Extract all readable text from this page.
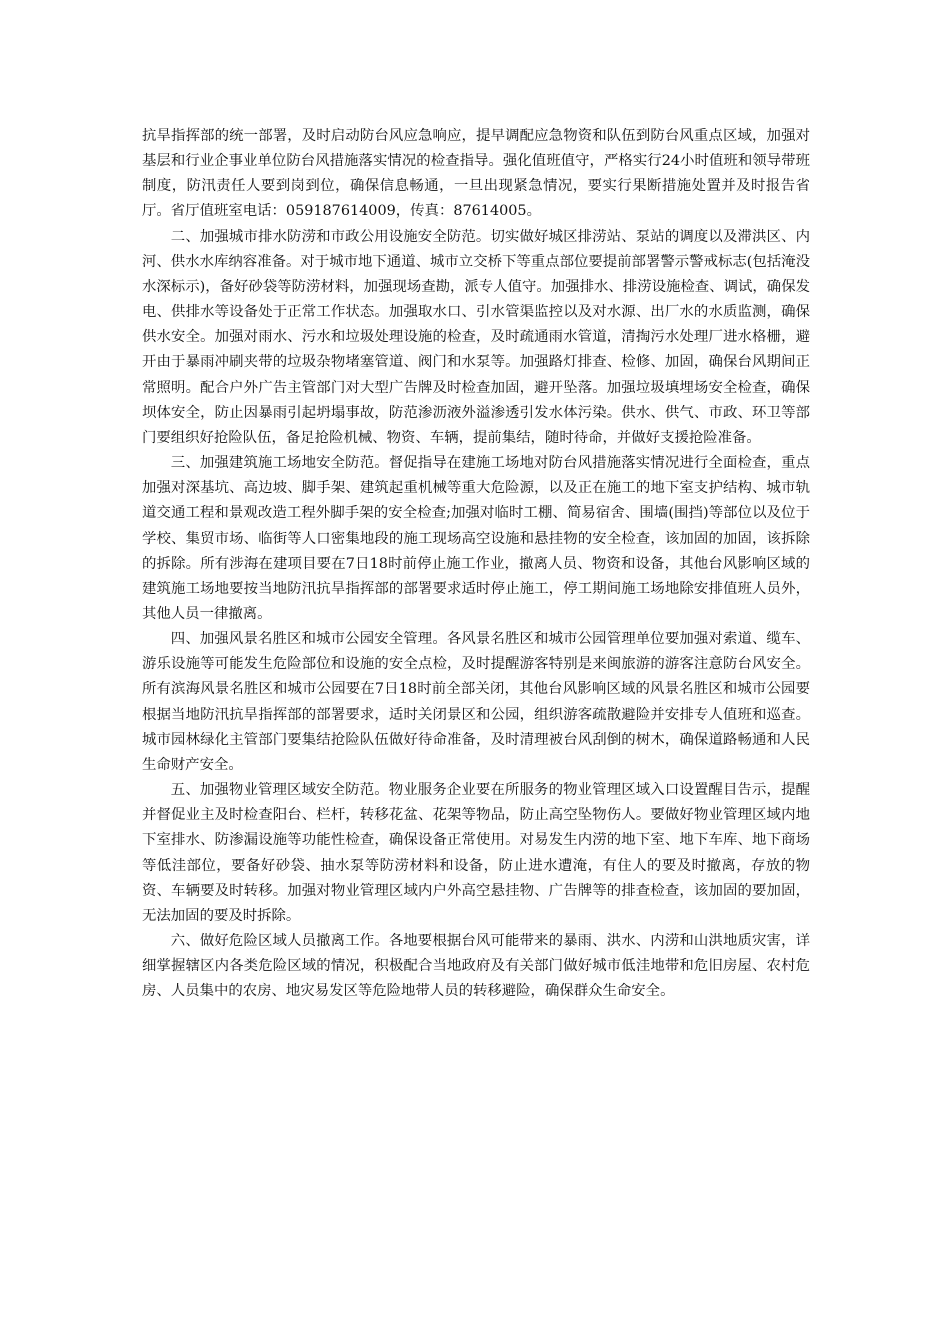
抗旱指挥部的统一部署，及时启动防台风应急响应，提早调配应急物资和队伍到防台风重点区域，加强对基层和行业企事业单位防台风措施落实情况的检查指导。强化值班值守，严格实行24小时值班和领导带班制度，防汛责任人要到岗到位，确保信息畅通，一旦出现紧急情况，要实行果断措施处置并及时报告省厅。省厅值班室电话：059187614009，传真：87614005。

二、加强城市排水防涝和市政公用设施安全防范。切实做好城区排涝站、泵站的调度以及滞洪区、内河、供水水库纳容准备。对于城市地下通道、城市立交桥下等重点部位要提前部署警示警戒标志(包括淹没水深标示)，备好砂袋等防涝材料，加强现场查勘，派专人值守。加强排水、排涝设施检查、调试，确保发电、供排水等设备处于正常工作状态。加强取水口、引水管渠监控以及对水源、出厂水的水质监测，确保供水安全。加强对雨水、污水和垃圾处理设施的检查，及时疏通雨水管道，清掏污水处理厂进水格栅，避开由于暴雨冲刷夹带的垃圾杂物堵塞管道、阀门和水泵等。加强路灯排查、检修、加固，确保台风期间正常照明。配合户外广告主管部门对大型广告牌及时检查加固，避开坠落。加强垃圾填埋场安全检查，确保坝体安全，防止因暴雨引起坍塌事故，防范渗沥液外溢渗透引发水体污染。供水、供气、市政、环卫等部门要组织好抢险队伍，备足抢险机械、物资、车辆，提前集结，随时待命，并做好支援抢险准备。

三、加强建筑施工场地安全防范。督促指导在建施工场地对防台风措施落实情况进行全面检查，重点加强对深基坑、高边坡、脚手架、建筑起重机械等重大危险源，以及正在施工的地下室支护结构、城市轨道交通工程和景观改造工程外脚手架的安全检查;加强对临时工棚、简易宿舍、围墙(围挡)等部位以及位于学校、集贸市场、临街等人口密集地段的施工现场高空设施和悬挂物的安全检查，该加固的加固，该拆除的拆除。所有涉海在建项目要在7日18时前停止施工作业，撤离人员、物资和设备，其他台风影响区域的建筑施工场地要按当地防汛抗旱指挥部的部署要求适时停止施工，停工期间施工场地除安排值班人员外，其他人员一律撤离。

四、加强风景名胜区和城市公园安全管理。各风景名胜区和城市公园管理单位要加强对索道、缆车、游乐设施等可能发生危险部位和设施的安全点检，及时提醒游客特别是来闽旅游的游客注意防台风安全。所有滨海风景名胜区和城市公园要在7日18时前全部关闭，其他台风影响区域的风景名胜区和城市公园要根据当地防汛抗旱指挥部的部署要求，适时关闭景区和公园，组织游客疏散避险并安排专人值班和巡查。城市园林绿化主管部门要集结抢险队伍做好待命准备，及时清理被台风刮倒的树木，确保道路畅通和人民生命财产安全。

五、加强物业管理区域安全防范。物业服务企业要在所服务的物业管理区域入口设置醒目告示，提醒并督促业主及时检查阳台、栏杆，转移花盆、花架等物品，防止高空坠物伤人。要做好物业管理区域内地下室排水、防渗漏设施等功能性检查，确保设备正常使用。对易发生内涝的地下室、地下车库、地下商场等低洼部位，要备好砂袋、抽水泵等防涝材料和设备，防止进水遭淹，有住人的要及时撤离，存放的物资、车辆要及时转移。加强对物业管理区域内户外高空悬挂物、广告牌等的排查检查，该加固的要加固，无法加固的要及时拆除。

六、做好危险区域人员撤离工作。各地要根据台风可能带来的暴雨、洪水、内涝和山洪地质灾害，详细掌握辖区内各类危险区域的情况，积极配合当地政府及有关部门做好城市低洼地带和危旧房屋、农村危房、人员集中的农房、地灾易发区等危险地带人员的转移避险，确保群众生命安全。
